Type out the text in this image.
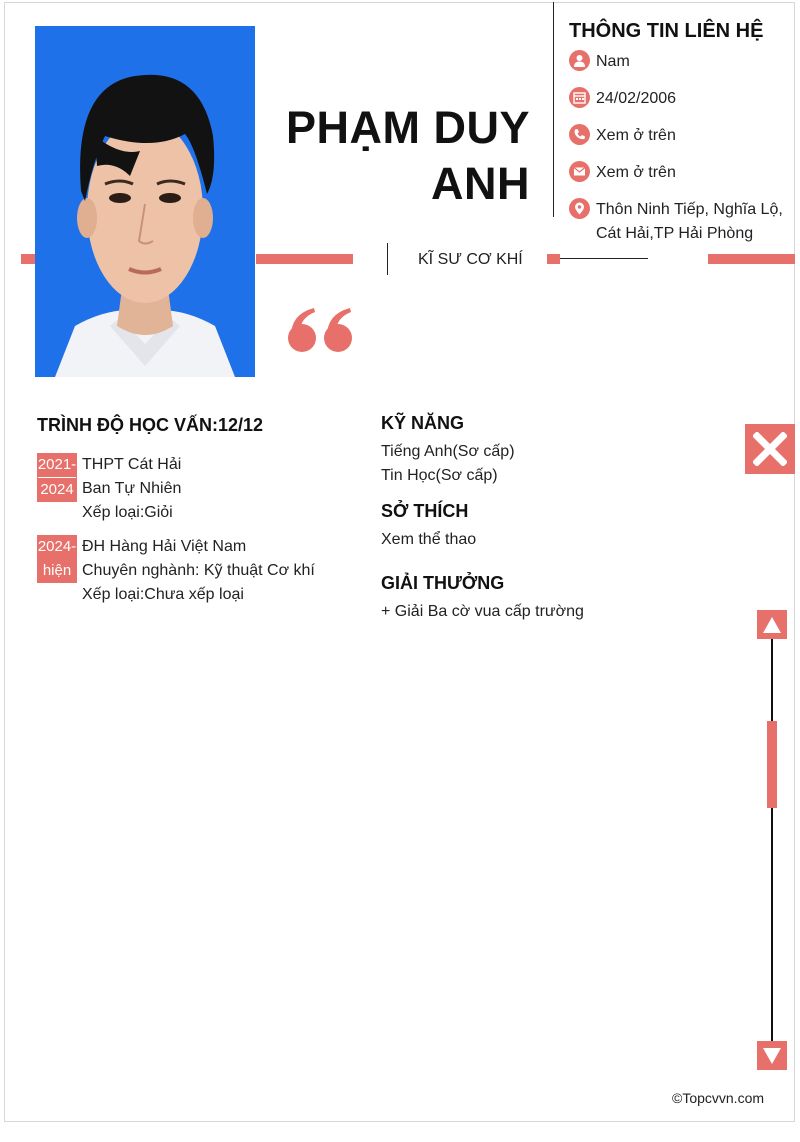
PHẠM DUY
ANH
THÔNG TIN LIÊN HỆ
Nam
24/02/2006
Xem ở trên
Xem ở trên
Thôn Ninh Tiếp, Nghĩa Lộ, Cát Hải,TP Hải Phòng
KĨ SƯ CƠ KHÍ
TRÌNH ĐỘ HỌC VẤN:12/12
2021-
2024
THPT Cát Hải
Ban Tự Nhiên
Xếp loại:Giỏi
2024-
hiện
ĐH Hàng Hải Việt Nam
Chuyên nghành: Kỹ thuật Cơ khí
Xếp loại:Chưa xếp loại
KỸ NĂNG
Tiếng Anh(Sơ cấp)
Tin Học(Sơ cấp)
SỞ THÍCH
Xem thể thao
GIẢI THƯỞNG
+ Giải Ba cờ vua cấp trường
©Topcvvn.com
